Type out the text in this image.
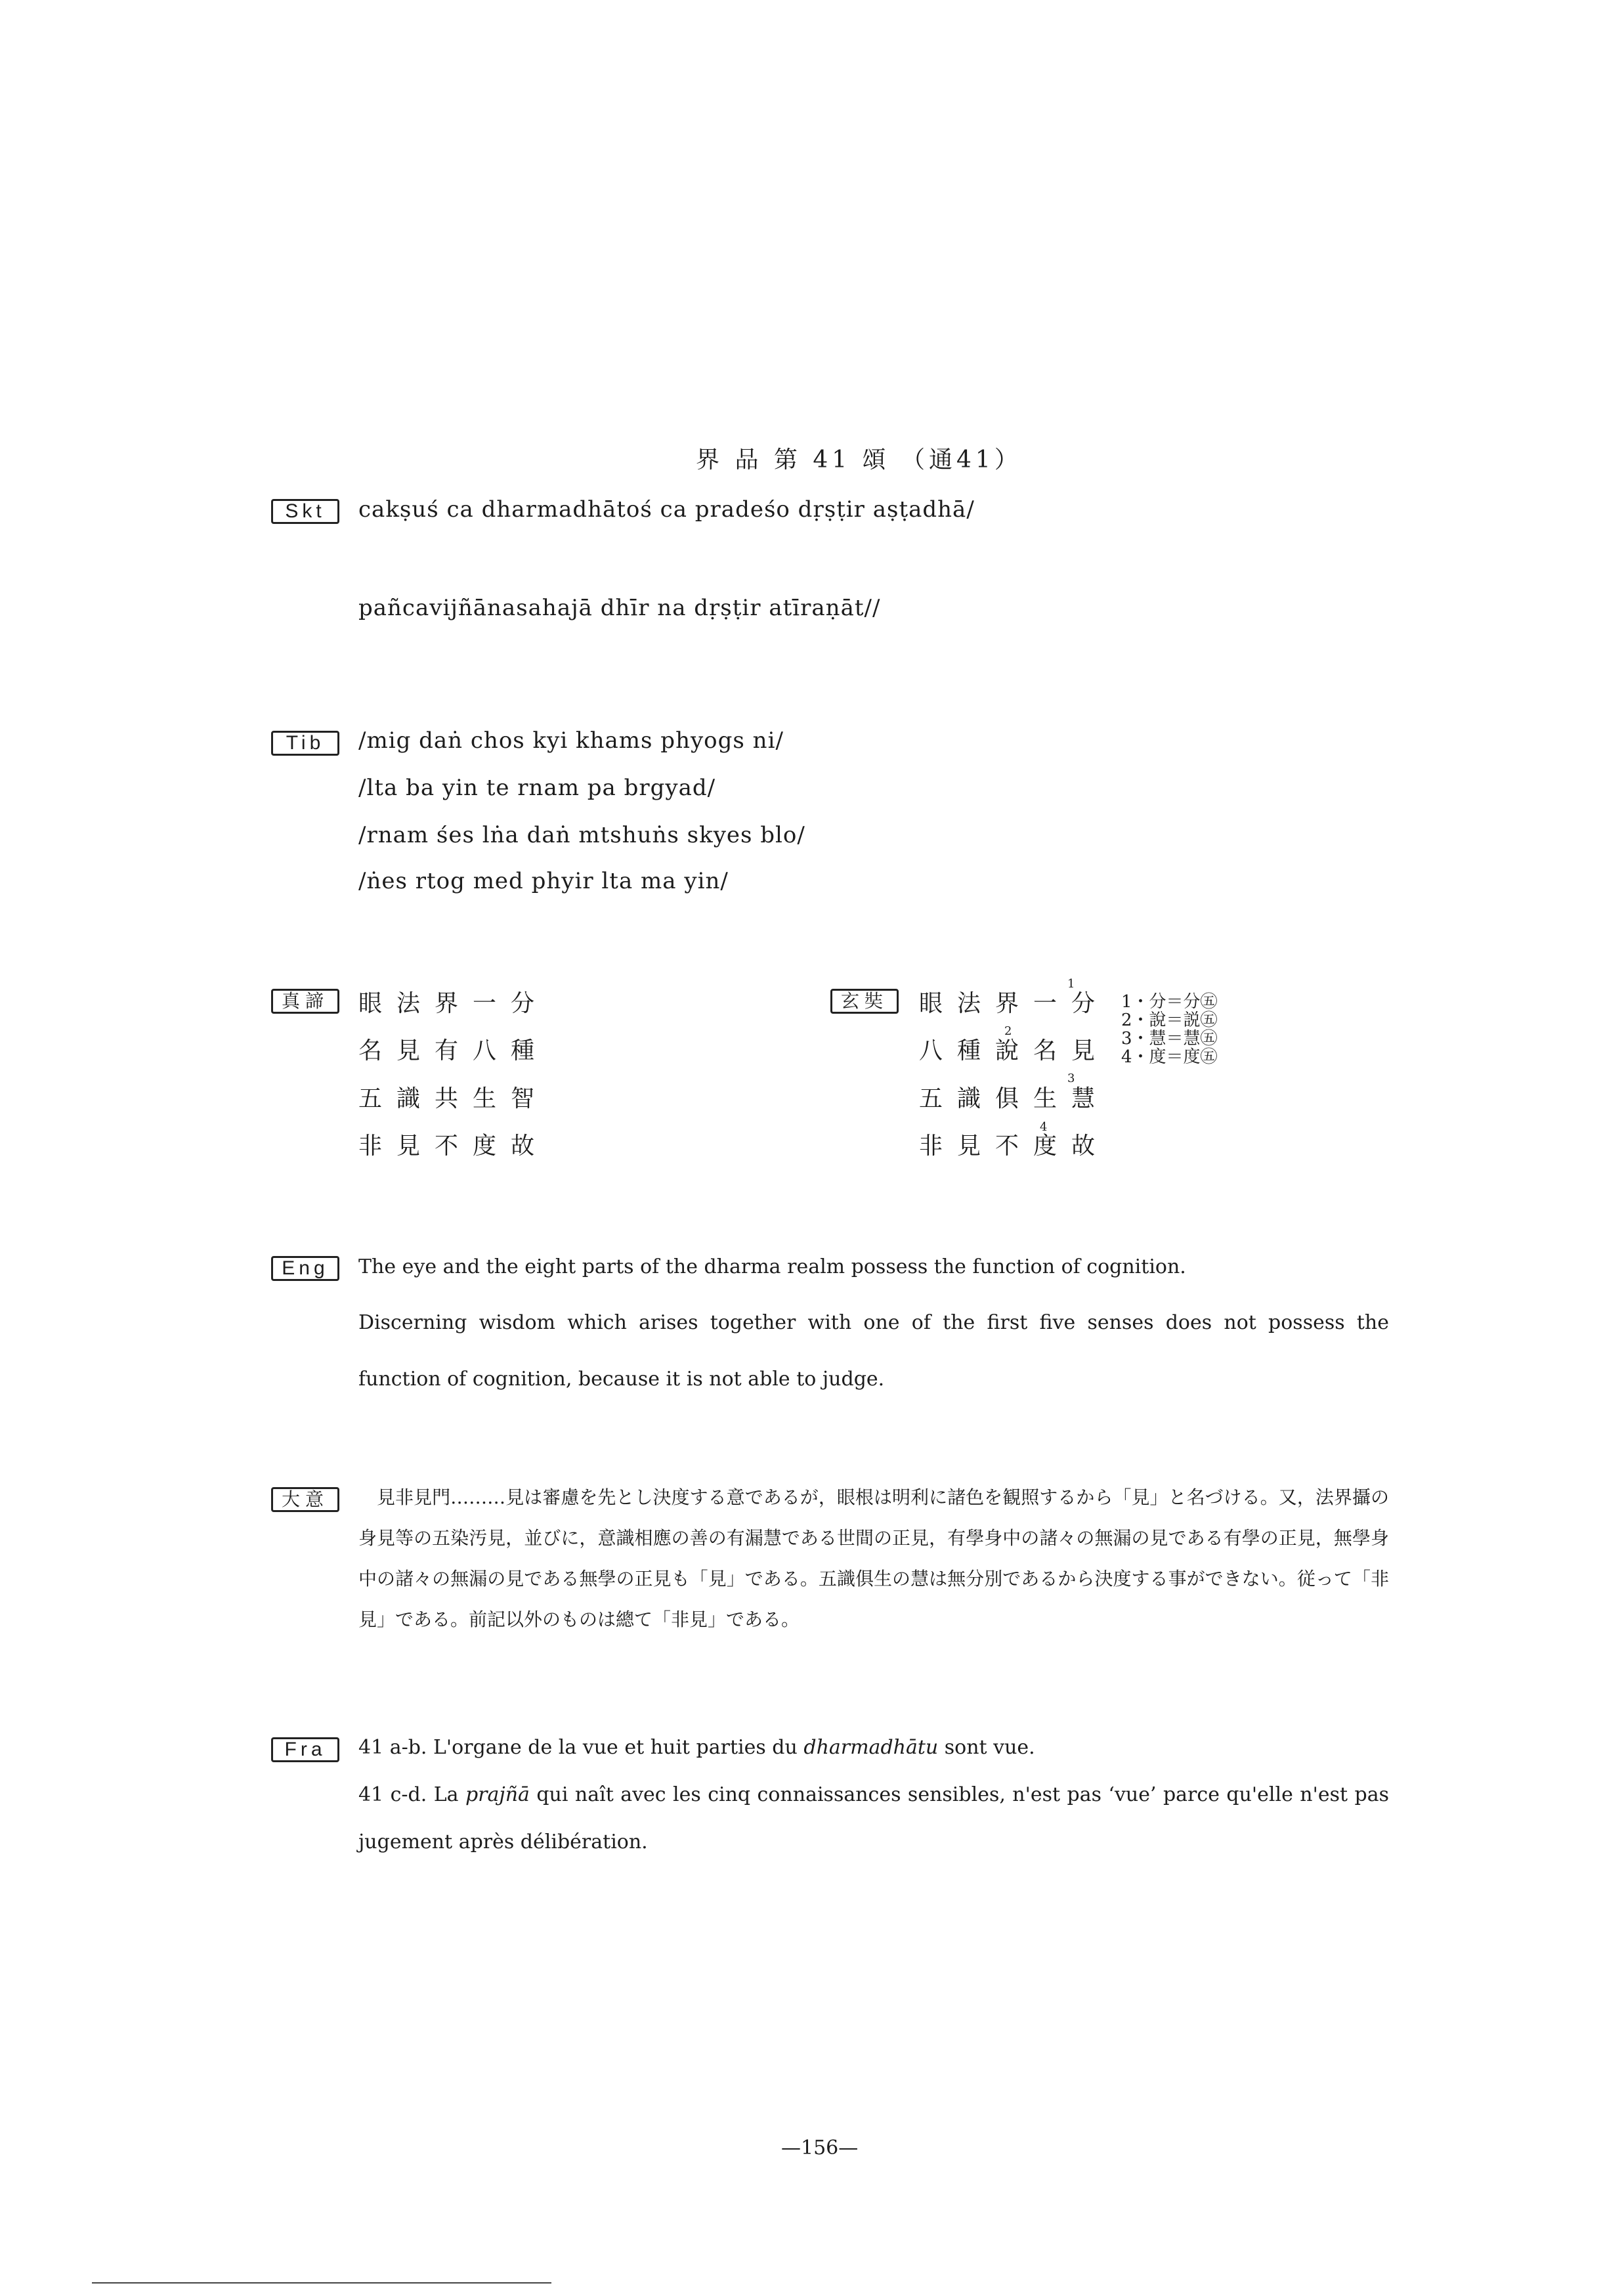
界 品 第 41 頌 （通41）
Skt	cakṣuś ca dharmadhātoś ca pradeśo dṛṣṭir aṣṭadhā/
pañcavijñānasahajā dhīr na dṛṣṭir atīraṇāt//
Tib	/mig daṅ chos kyi khams phyogs ni/
/lta ba yin te rnam pa brgyad/
/rnam śes lṅa daṅ mtshuṅs skyes blo/
/ṅes rtog med phyir lta ma yin/
真諦	眼法界一分
名見有八種
五識共生智
非見不度故
玄奘	眼法界一分
八種說名見
五識俱生慧
非見不度故
1
2
3
4
1・分＝分㊄
2・說＝説㊄
3・慧＝慧㊄
4・度＝度㊄
Eng	The eye and the eight parts of the dharma realm possess the function of cognition.
Discerning wisdom which arises together with one of the first five senses does not possess the function of cognition, because it is not able to judge.
大意	見非見門………見は審慮を先とし決度する意であるが，眼根は明利に諸色を観照するから「見」と名づける。又，法界攝の身見等の五染汚見，並びに，意識相應の善の有漏慧である世間の正見，有學身中の諸々の無漏の見である有學の正見，無學身中の諸々の無漏の見である無學の正見も「見」である。五識俱生の慧は無分別であるから決度する事ができない。従って「非見」である。前記以外のものは總て「非見」である。
Fra	41 a-b. L'organe de la vue et huit parties du dharmadhātu sont vue.
41 c-d. La prajñā qui naît avec les cinq connaissances sensibles, n'est pas ‘vue’ parce qu'elle n'est pas jugement après délibération.
—156—
